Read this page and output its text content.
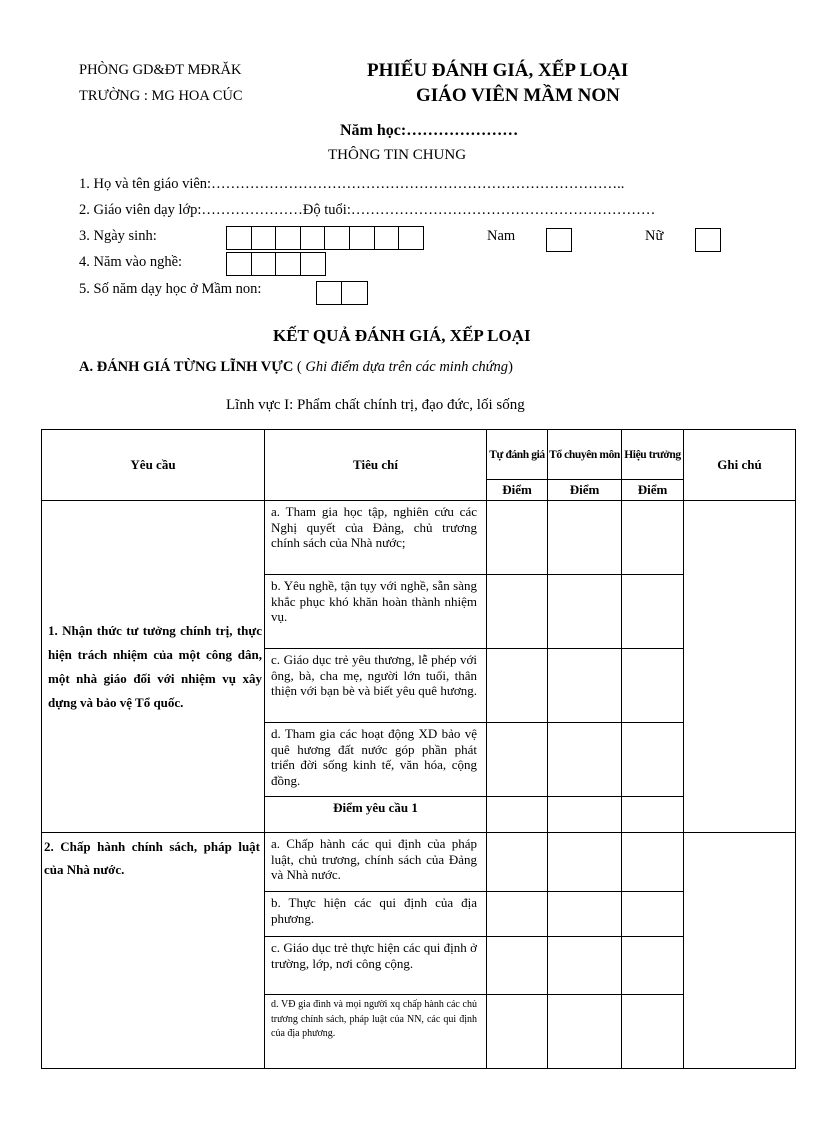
PHÒNG GD&ĐT MĐRĂK
TRƯỜNG : MG HOA CÚC
PHIẾU ĐÁNH GIÁ, XẾP LOẠI
GIÁO VIÊN MẦM NON
Năm học:…………………
THÔNG TIN CHUNG
1. Họ và tên giáo viên:…………………………………………………………………………..
2. Giáo viên dạy lớp:…………………Độ tuổi:………………………………………………………
3. Ngày sinh:	Nam	Nữ
4. Năm vào nghề:
5. Số năm dạy học ở Mầm non:
KẾT QUẢ ĐÁNH GIÁ, XẾP LOẠI
A. ĐÁNH GIÁ TỪNG LĨNH VỰC ( Ghi điểm dựa trên các minh chứng)
Lĩnh vực I: Phẩm chất chính trị, đạo đức, lối sống
Yêu cầu	Tiêu chí	Tự đánh giá	Tổ chuyên môn	Hiệu trưởng	Ghi chú
		Điểm	Điểm	Điểm	

1. Nhận thức tư tưởng chính trị, thực hiện trách nhiệm của một công dân, một nhà giáo đối với nhiệm vụ xây dựng và bảo vệ Tổ quốc.	a. Tham gia học tập, nghiên cứu các Nghị quyết của Đảng, chủ trương chính sách của Nhà nước;				
	b. Yêu nghề, tận tụy với nghề, sẵn sàng khắc phục khó khăn hoàn thành nhiệm vụ.				
	c. Giáo dục trẻ yêu thương, lễ phép với ông, bà, cha mẹ, người lớn tuổi, thân thiện với bạn bè và biết yêu quê hương.				
	d. Tham gia các hoạt động XD bảo vệ quê hương đất nước góp phần phát triển đời sống kinh tế, văn hóa, cộng đồng.				
	Điểm yêu cầu 1				

2. Chấp hành chính sách, pháp luật của Nhà nước.	a. Chấp hành các qui định của pháp luật, chủ trương, chính sách của Đảng và Nhà nước.				
	b. Thực hiện các qui định của địa phương.				
	c. Giáo dục trẻ thực hiện các qui định ở trường, lớp, nơi công cộng.				
	d. VĐ gia đình và mọi người xq chấp hành các chủ trương chính sách, pháp luật của NN, các qui định của địa phương.				
